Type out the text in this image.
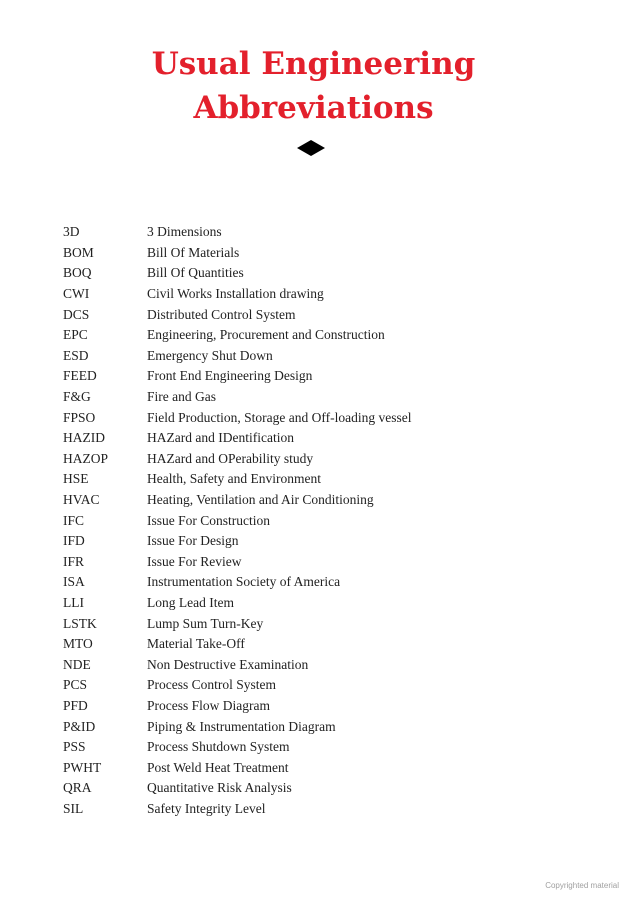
Usual Engineering
Abbreviations
3D	3 Dimensions
BOM	Bill Of Materials
BOQ	Bill Of Quantities
CWI	Civil Works Installation drawing
DCS	Distributed Control System
EPC	Engineering, Procurement and Construction
ESD	Emergency Shut Down
FEED	Front End Engineering Design
F&G	Fire and Gas
FPSO	Field Production, Storage and Off-loading vessel
HAZID	HAZard and IDentification
HAZOP	HAZard and OPerability study
HSE	Health, Safety and Environment
HVAC	Heating, Ventilation and Air Conditioning
IFC	Issue For Construction
IFD	Issue For Design
IFR	Issue For Review
ISA	Instrumentation Society of America
LLI	Long Lead Item
LSTK	Lump Sum Turn-Key
MTO	Material Take-Off
NDE	Non Destructive Examination
PCS	Process Control System
PFD	Process Flow Diagram
P&ID	Piping & Instrumentation Diagram
PSS	Process Shutdown System
PWHT	Post Weld Heat Treatment
QRA	Quantitative Risk Analysis
SIL	Safety Integrity Level
Copyrighted material
